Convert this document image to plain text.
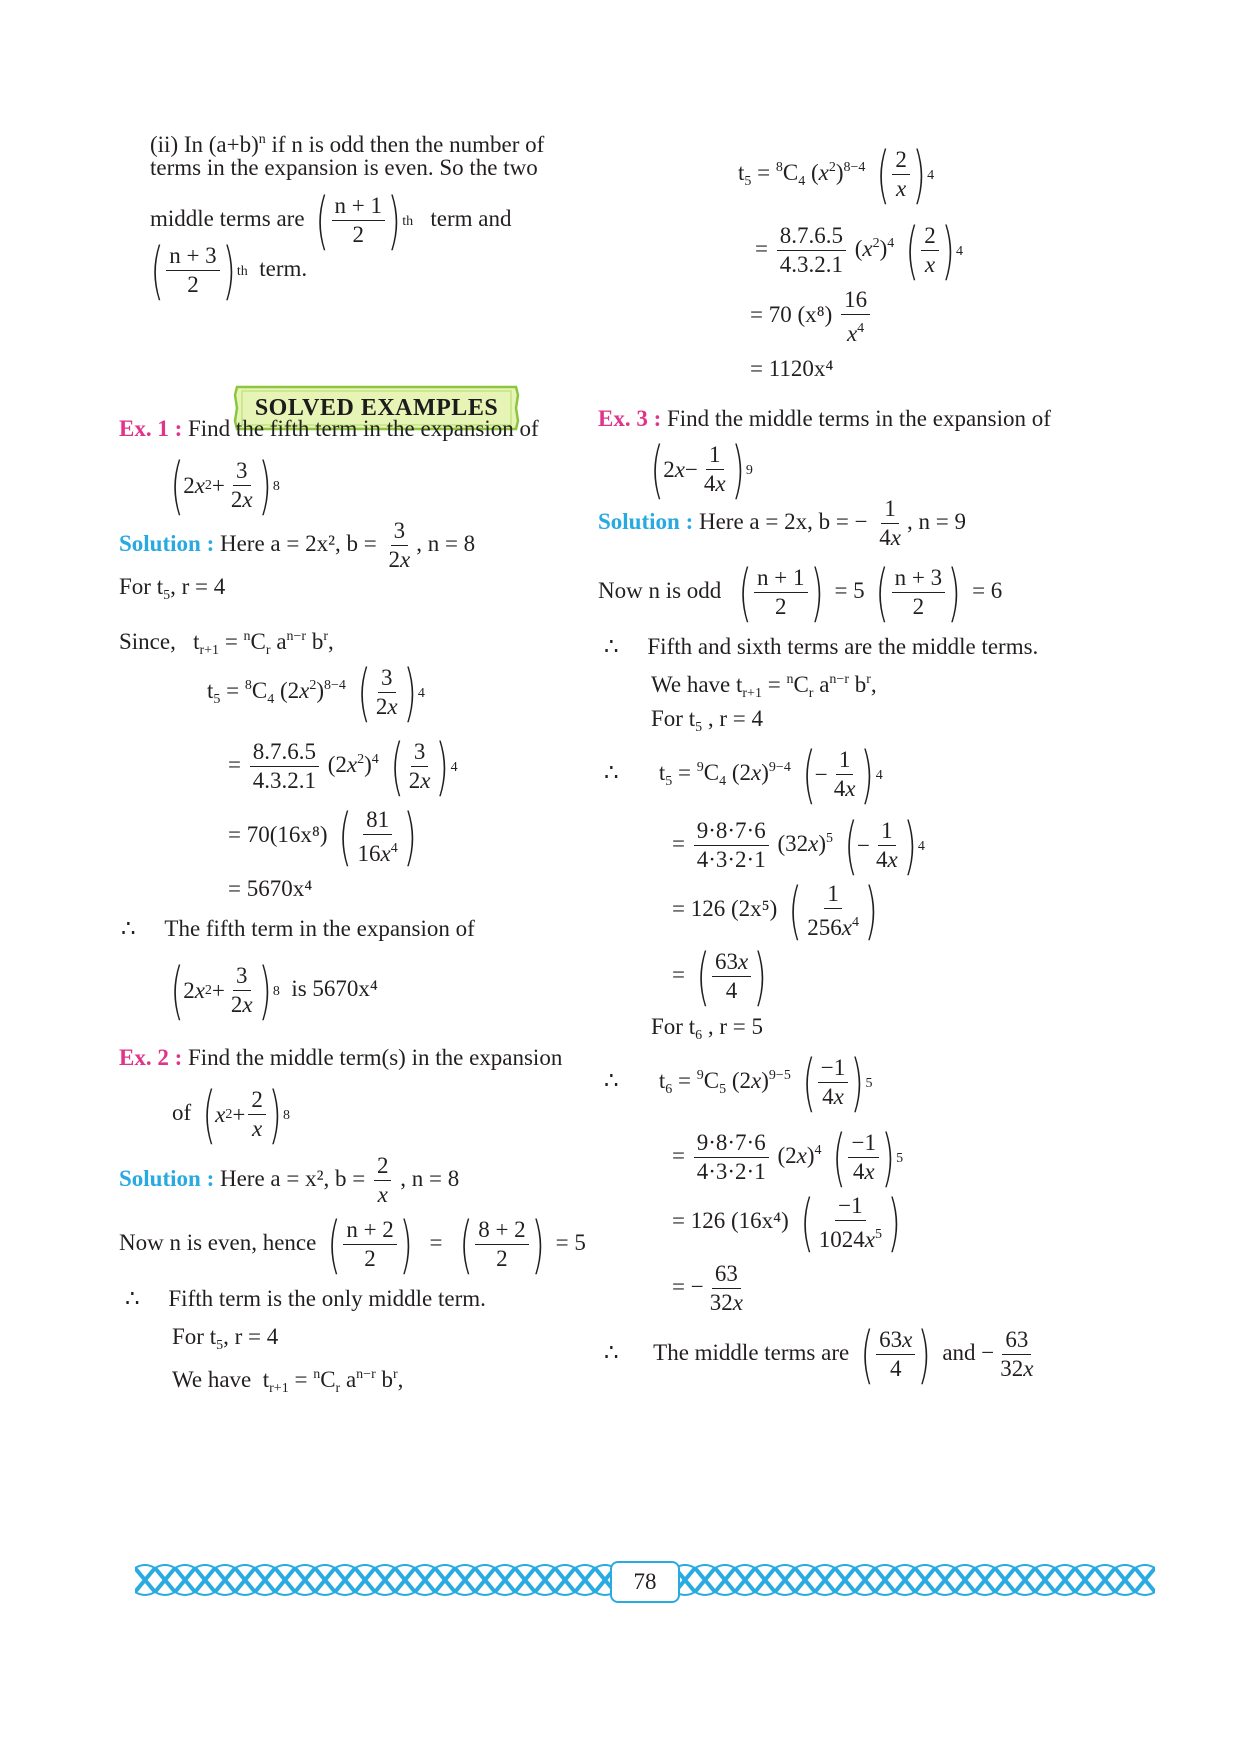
(ii) In $(a+b)^n$ if n is odd then the number of
terms in the expansion is even. So the two
middle terms are ( $\frac{n + 1}{2}$ ) th term and
( $\frac{n + 3}{2}$ ) th term.
SOLVED EXAMPLES
Ex. 1 : Find the fifth term in the expansion of
( 2 x $2 + \frac{3}{2x}$ ) 8
Solution : Here a = 2x², $b = \frac{3}{2x}$ , n = 8
For $t_5$, r = 4
Since,   $t_{r+1} = ^nC_r$ $a^{n-r}$ $b^r$,
$t_5 = ^8C_4$ $(2x^2)^{8-4}$ ( $\frac{3}{2x}$ ) 4
= $\frac{8.7.6.5}{4.3.2.1} (2x^2)^4$ ( $\frac{3}{2x}$ ) 4
= 70(16x⁸) ( $\frac{81}{16x^4}$ )
= 5670x⁴
∴ The fifth term in the expansion of
( 2 x $2 + \frac{3}{2x}$ ) 8 is 5670x⁴
Ex. 2 : Find the middle term(s) in the expansion
of ( x $2 + \frac{2}{x}$ ) 8
Solution : Here a = x², $b = \frac{2}{x}$ , n = 8
Now n is even, hence ( $\frac{n + 2}{2}$ ) = ( $\frac{8 + 2}{2}$ ) = 5
∴ Fifth term is the only middle term.
For $t_5$, r = 4
We have  $t_{r+1} = ^nC_r$ $a^{n-r}$ $b^r$,
$t_5 = ^8C_4$ $(x^2)^{8-4}$ ( $\frac{2}{x}$ ) 4
= $\frac{8.7.6.5}{4.3.2.1} (x^2)^4$ ( $\frac{2}{x}$ ) 4
= 70 $(x^8) \frac{16}{x^4}$
= 1120x⁴
Ex. 3 : Find the middle terms in the expansion of
( 2 $x - \frac{1}{4x}$ ) 9
Solution : Here a = 2x, b = − $\frac{1}{4x}$ , n = 9
Now n is odd ( $\frac{n + 1}{2}$ ) = 5 ( $\frac{n + 3}{2}$ ) = 6
∴ Fifth and sixth terms are the middle terms.
We have $t_{r+1} = ^nC_r$ $a^{n-r}$ $b^r$,
For $t_5$ , r = 4
∴       $t_5 = ^9C_4$ $(2x)^{9-4}$ ( − $\frac{1}{4x}$ ) 4
= $\frac{9\cdot 8\cdot 7\cdot 6}{4\cdot 3\cdot 2\cdot 1} (32x)^5$ ( − $\frac{1}{4x}$ ) 4
= 126 (2x⁵) ( $\frac{1}{256x^4}$ )
= ( $\frac{63x}{4}$ )
For $t_6$ , r = 5
∴       $t_6 = ^9C_5$ $(2x)^{9-5}$ ( $\frac{-1}{4x}$ ) 5
= $\frac{9\cdot 8\cdot 7\cdot 6}{4\cdot 3\cdot 2\cdot 1} (2x)^4$ ( $\frac{-1}{4x}$ ) 5
= 126 (16x⁴) ( $\frac{-1}{1024x^5}$ )
= − $\frac{63}{32x}$
∴ The middle terms are ( $\frac{63x}{4}$ ) and − $\frac{63}{32x}$
78
